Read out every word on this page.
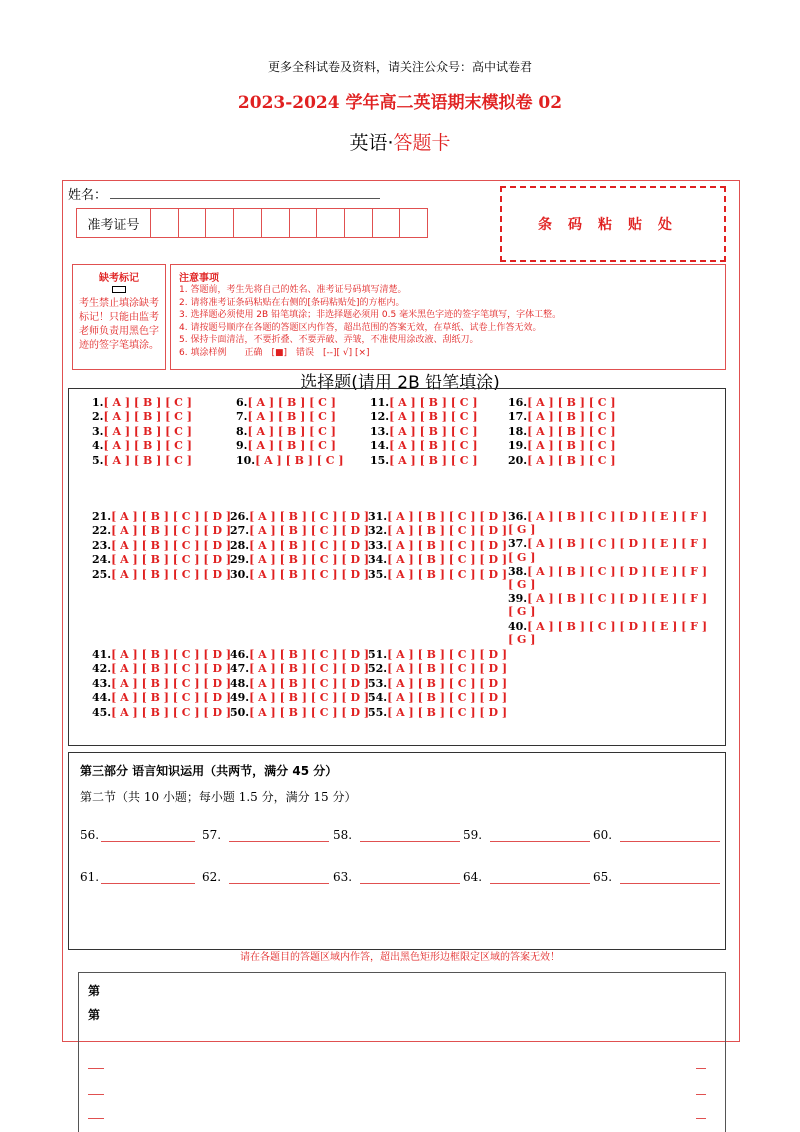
更多全科试卷及资料，请关注公众号：高中试卷君
2023-2024 学年高二英语期末模拟卷 02
英语·答题卡
姓名：
准考证号	条码粘贴处
缺考标记
考生禁止填涂缺考标记！只能由监考老师负责用黑色字迹的签字笔填涂。
注意事项
1. 答题前，考生先将自己的姓名、准考证号码填写清楚。
2. 请将准考证条码粘贴在右侧的[条码粘贴处]的方框内。
3. 选择题必须使用 2B 铅笔填涂；非选择题必须用 0.5 毫米黑色字迹的签字笔填写，字体工整。
4. 请按题号顺序在各题的答题区内作答，超出范围的答案无效，在草纸、试卷上作答无效。
5. 保持卡面清洁，不要折叠、不要弄破、弄皱，不准使用涂改液、刮纸刀。
6. 填涂样例　　正确　[■]　错误　[--][ √] [×]
选择题(请用 2B 铅笔填涂)
1.[ A ] [ B ] [ C ]
2.[ A ] [ B ] [ C ]
3.[ A ] [ B ] [ C ]
4.[ A ] [ B ] [ C ]
5.[ A ] [ B ] [ C ]
6.[ A ] [ B ] [ C ]
7.[ A ] [ B ] [ C ]
8.[ A ] [ B ] [ C ]
9.[ A ] [ B ] [ C ]
10.[ A ] [ B ] [ C ]
11.[ A ] [ B ] [ C ]
12.[ A ] [ B ] [ C ]
13.[ A ] [ B ] [ C ]
14.[ A ] [ B ] [ C ]
15.[ A ] [ B ] [ C ]
16.[ A ] [ B ] [ C ]
17.[ A ] [ B ] [ C ]
18.[ A ] [ B ] [ C ]
19.[ A ] [ B ] [ C ]
20.[ A ] [ B ] [ C ]
21.[ A ] [ B ] [ C ] [ D ]
22.[ A ] [ B ] [ C ] [ D ]
23.[ A ] [ B ] [ C ] [ D ]
24.[ A ] [ B ] [ C ] [ D ]
25.[ A ] [ B ] [ C ] [ D ]
26.[ A ] [ B ] [ C ] [ D ]
27.[ A ] [ B ] [ C ] [ D ]
28.[ A ] [ B ] [ C ] [ D ]
29.[ A ] [ B ] [ C ] [ D ]
30.[ A ] [ B ] [ C ] [ D ]
31.[ A ] [ B ] [ C ] [ D ]
32.[ A ] [ B ] [ C ] [ D ]
33.[ A ] [ B ] [ C ] [ D ]
34.[ A ] [ B ] [ C ] [ D ]
35.[ A ] [ B ] [ C ] [ D ]
36.[ A ] [ B ] [ C ] [ D ] [ E ] [ F ] [ G ]
37.[ A ] [ B ] [ C ] [ D ] [ E ] [ F ] [ G ]
38.[ A ] [ B ] [ C ] [ D ] [ E ] [ F ] [ G ]
39.[ A ] [ B ] [ C ] [ D ] [ E ] [ F ] [ G ]
40.[ A ] [ B ] [ C ] [ D ] [ E ] [ F ] [ G ]
41.[ A ] [ B ] [ C ] [ D ]
42.[ A ] [ B ] [ C ] [ D ]
43.[ A ] [ B ] [ C ] [ D ]
44.[ A ] [ B ] [ C ] [ D ]
45.[ A ] [ B ] [ C ] [ D ]
46.[ A ] [ B ] [ C ] [ D ]
47.[ A ] [ B ] [ C ] [ D ]
48.[ A ] [ B ] [ C ] [ D ]
49.[ A ] [ B ] [ C ] [ D ]
50.[ A ] [ B ] [ C ] [ D ]
51.[ A ] [ B ] [ C ] [ D ]
52.[ A ] [ B ] [ C ] [ D ]
53.[ A ] [ B ] [ C ] [ D ]
54.[ A ] [ B ] [ C ] [ D ]
55.[ A ] [ B ] [ C ] [ D ]
第三部分 语言知识运用（共两节，满分 45 分）
第二节（共 10 小题；每小题 1.5 分，满分 15 分）
56.	57.	58.	59.	60.
61.	62.	63.	64.	65.
请在各题目的答题区域内作答，超出黑色矩形边框限定区域的答案无效！
第
第
